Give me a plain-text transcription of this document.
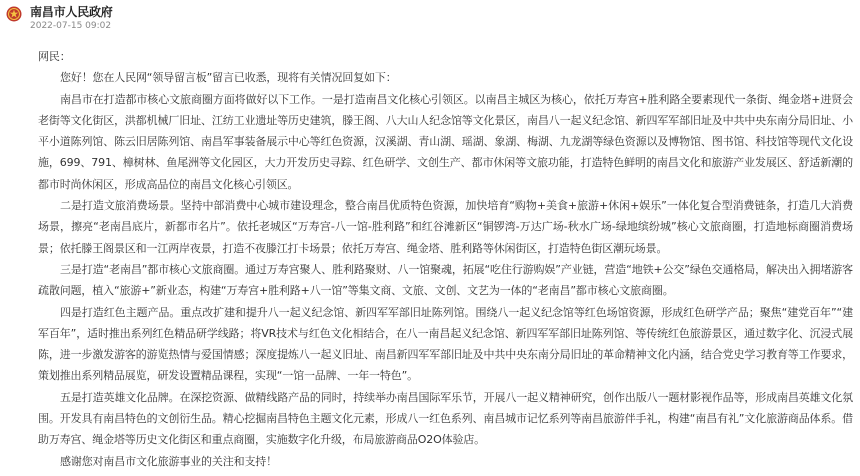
南昌市人民政府
2022-07-15 09:02

网民：

您好！您在人民网“领导留言板”留言已收悉，现将有关情况回复如下：

南昌市在打造都市核心文旅商圈方面将做好以下工作。一是打造南昌文化核心引领区。以南昌主城区为核心，依托万寿宫+胜利路全要素现代一条街、绳金塔+进贤会老街等文化街区，洪都机械厂旧址、江纺工业遗址等历史建筑，滕王阁、八大山人纪念馆等文化景区，南昌八一起义纪念馆、新四军军部旧址及中共中央东南分局旧址、小平小道陈列馆、陈云旧居陈列馆、南昌军事装备展示中心等红色资源，汉溪湖、青山湖、瑶湖、象湖、梅湖、九龙湖等绿色资源以及博物馆、图书馆、科技馆等现代文化设施，699、791、樟树林、鱼尾洲等文化园区，大力开发历史寻踪、红色研学、文创生产、都市休闲等文旅功能，打造特色鲜明的南昌文化和旅游产业发展区、舒适新潮的都市时尚休闲区，形成高品位的南昌文化核心引领区。

二是打造文旅消费场景。坚持中部消费中心城市建设理念，整合南昌优质特色资源，加快培育“购物+美食+旅游+休闲+娱乐”一体化复合型消费链条，打造几大消费场景，擦亮“老南昌底片，新都市名片”。依托老城区“万寿宫-八一馆-胜利路”和红谷滩新区“铜锣湾-万达广场-秋水广场-绿地缤纷城”核心文旅商圈，打造地标商圈消费场景；依托滕王阁景区和一江两岸夜景，打造不夜滕江打卡场景；依托万寿宫、绳金塔、胜利路等休闲街区，打造特色街区潮玩场景。

三是打造“老南昌”都市核心文旅商圈。通过万寿宫聚人、胜利路聚财、八一馆聚魂，拓展“吃住行游购娱”产业链，营造“地铁+公交”绿色交通格局，解决出入拥堵游客疏散问题，植入“旅游+”新业态，构建“万寿宫+胜利路+八一馆”等集文商、文旅、文创、文艺为一体的“老南昌”都市核心文旅商圈。

四是打造红色主题产品。重点改扩建和提升八一起义纪念馆、新四军军部旧址陈列馆。围绕八一起义纪念馆等红色场馆资源，形成红色研学产品；聚焦“建党百年”“建军百年”，适时推出系列红色精品研学线路；将VR技术与红色文化相结合，在八一南昌起义纪念馆、新四军军部旧址陈列馆、等传统红色旅游景区，通过数字化、沉浸式展陈，进一步激发游客的游览热情与爱国情感；深度提炼八一起义旧址、南昌新四军军部旧址及中共中央东南分局旧址的革命精神文化内涵，结合党史学习教育等工作要求，策划推出系列精品展览，研发设置精品课程，实现“一馆一品牌、一年一特色”。

五是打造英雄文化品牌。在深挖资源、做精线路产品的同时，持续举办南昌国际军乐节，开展八一起义精神研究，创作出版八一题材影视作品等，形成南昌英雄文化氛围。开发具有南昌特色的文创衍生品。精心挖掘南昌特色主题文化元素，形成八一红色系列、南昌城市记忆系列等南昌旅游伴手礼，构建“南昌有礼”文化旅游商品体系。借助万寿宫、绳金塔等历史文化街区和重点商圈，实施数字化升级，布局旅游商品O2O体验店。

感谢您对南昌市文化旅游事业的关注和支持！
